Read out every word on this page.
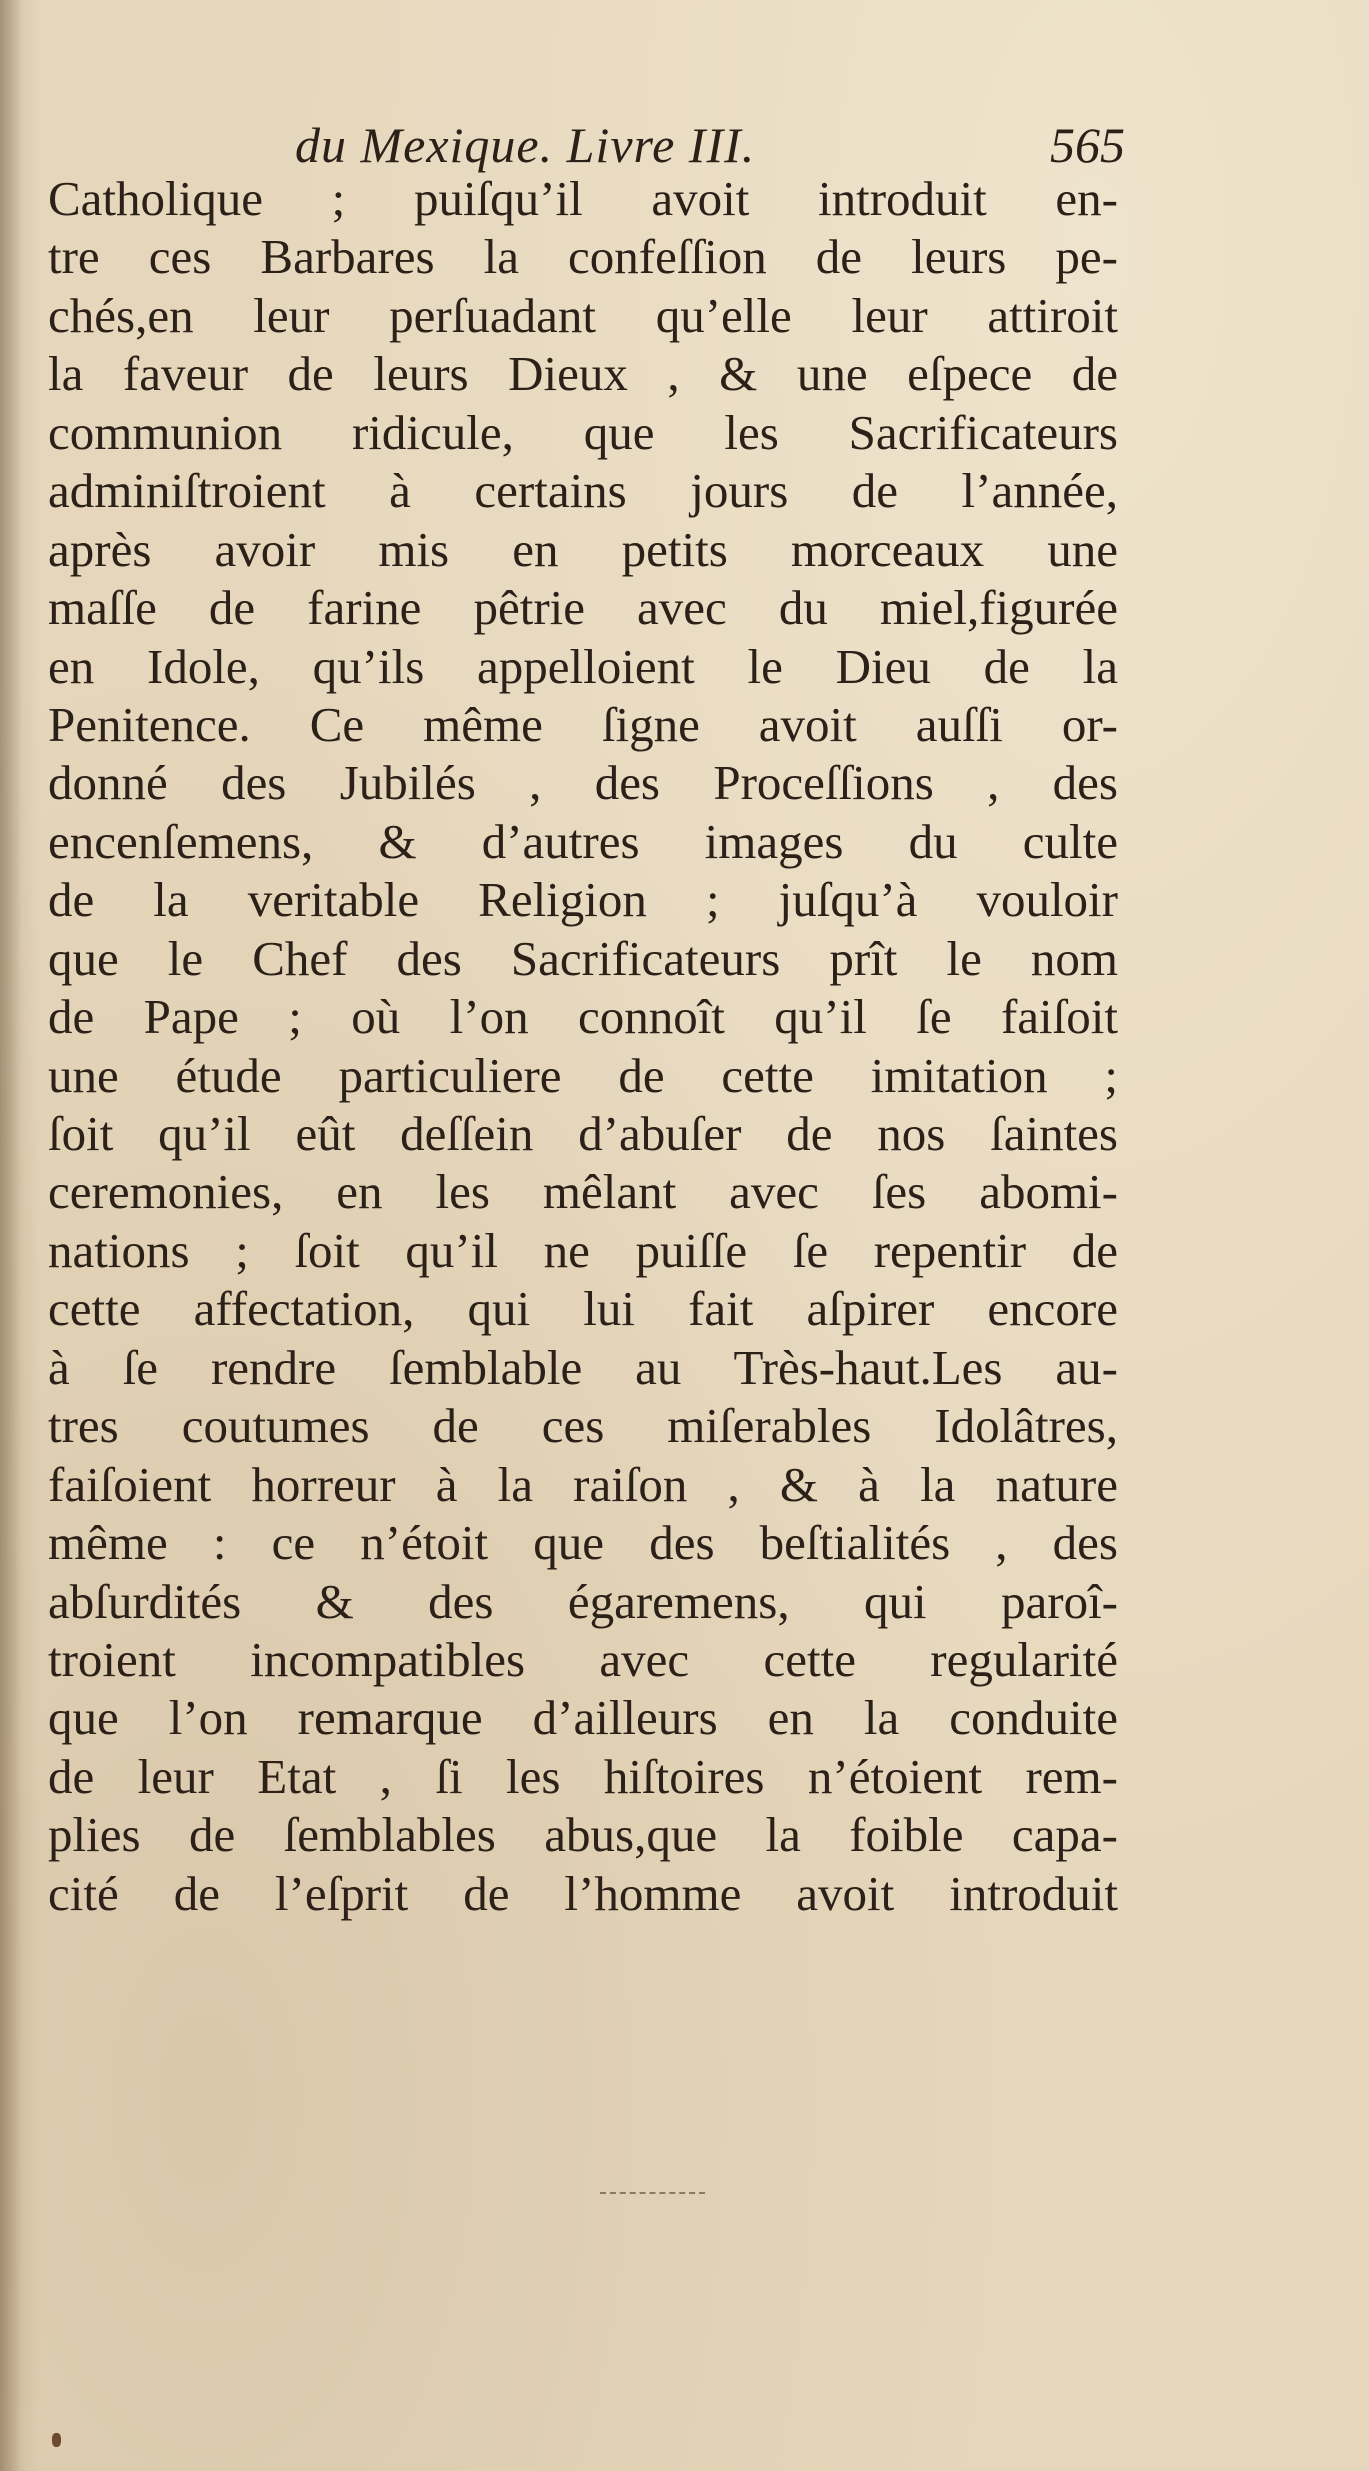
du Mexique. Livre III.	565
Catholique ; puiſqu’il avoit introduit en-
tre ces Barbares la confeſſion de leurs pe-
chés,en leur perſuadant qu’elle leur attiroit
la faveur de leurs Dieux , & une eſpece de
communion ridicule, que les Sacrificateurs
adminiſtroient à certains jours de l’année,
après avoir mis en petits morceaux une
maſſe de farine pêtrie avec du miel,figurée
en Idole, qu’ils appelloient le Dieu de la
Penitence. Ce même ſigne avoit auſſi or-
donné des Jubilés , des Proceſſions , des
encenſemens, & d’autres images du culte
de la veritable Religion ; juſqu’à vouloir
que le Chef des Sacrificateurs prît le nom
de Pape ; où l’on connoît qu’il ſe faiſoit
une étude particuliere de cette imitation ;
ſoit qu’il eût deſſein d’abuſer de nos ſaintes
ceremonies, en les mêlant avec ſes abomi-
nations ; ſoit qu’il ne puiſſe ſe repentir de
cette affectation, qui lui fait aſpirer encore
à ſe rendre ſemblable au Très-haut.Les au-
tres coutumes de ces miſerables Idolâtres,
faiſoient horreur à la raiſon , & à la nature
même : ce n’étoit que des beſtialités , des
abſurdités & des égaremens, qui paroî-
troient incompatibles avec cette regularité
que l’on remarque d’ailleurs en la conduite
de leur Etat , ſi les hiſtoires n’étoient rem-
plies de ſemblables abus,que la foible capa-
cité de l’eſprit de l’homme avoit introduit
